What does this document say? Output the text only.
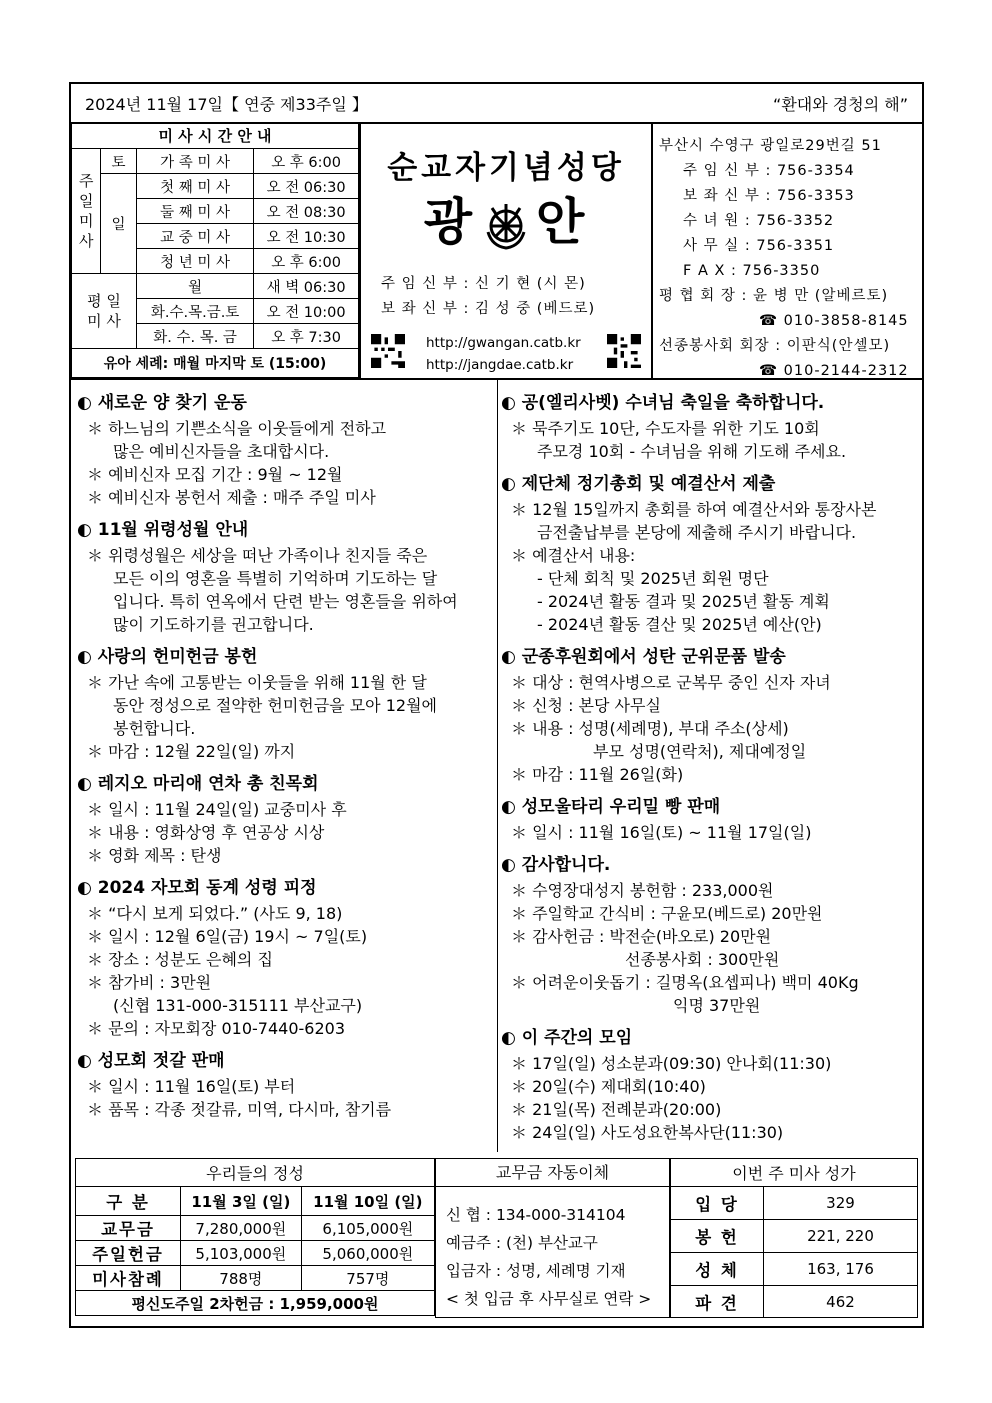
2024년 11월 17일【 연중 제33주일 】	“환대와 경청의 해”
미 사 시 간 안 내			
주 일 미 사	토	가 족 미 사	오 후 6:00
	일	첫 째 미 사	오 전 06:30
		둘 째 미 사	오 전 08:30
		교 중 미 사	오 전 10:30
		청 년 미 사	오 후 6:00
평 일 미 사		월	새 벽 06:30
		화.수.목.금.토	오 전 10:00
		화. 수. 목. 금	오 후 7:30
유아 세례: 매월 마지막 토 (15:00)			
순교자기념성당
광 안
주 임 신 부 : 신 기 현 (시 몬)
보 좌 신 부 : 김 성 중 (베드로)
http://gwangan.catb.kr
http://jangdae.catb.kr
부산시 수영구 광일로29번길 51
주 임 신 부 : 756-3354
보 좌 신 부 : 756-3353
수 녀 원 : 756-3352
사 무 실 : 756-3351
F A X : 756-3350
평 협 회 장 : 윤 병 만 (알베르토)
☎ 010-3858-8145
선종봉사회 회장 : 이판식(안셀모)
☎ 010-2144-2312
◐ 새로운 양 찾기 운동
＊ 하느님의 기쁜소식을 이웃들에게 전하고
많은 예비신자들을 초대합시다.
＊ 예비신자 모집 기간 : 9월 ~ 12월
＊ 예비신자 봉헌서 제출 : 매주 주일 미사
◐ 11월 위령성월 안내
＊ 위령성월은 세상을 떠난 가족이나 친지들 죽은
모든 이의 영혼을 특별히 기억하며 기도하는 달
입니다. 특히 연옥에서 단련 받는 영혼들을 위하여
많이 기도하기를 권고합니다.
◐ 사랑의 헌미헌금 봉헌
＊ 가난 속에 고통받는 이웃들을 위해 11월 한 달
동안 정성으로 절약한 헌미헌금을 모아 12월에
봉헌합니다.
＊ 마감 : 12월 22일(일) 까지
◐ 레지오 마리애 연차 총 친목회
＊ 일시 : 11월 24일(일) 교중미사 후
＊ 내용 : 영화상영 후 연공상 시상
＊ 영화 제목 : 탄생
◐ 2024 자모회 동계 성령 피정
＊ “다시 보게 되었다.” (사도 9, 18)
＊ 일시 : 12월 6일(금) 19시 ~ 7일(토)
＊ 장소 : 성분도 은혜의 집
＊ 참가비 : 3만원
(신협 131-000-315111 부산교구)
＊ 문의 : 자모회장 010-7440-6203
◐ 성모회 젓갈 판매
＊ 일시 : 11월 16일(토) 부터
＊ 품목 : 각종 젓갈류, 미역, 다시마, 참기름
◐ 공(엘리사벳) 수녀님 축일을 축하합니다.
＊ 묵주기도 10단, 수도자를 위한 기도 10회
주모경 10회 - 수녀님을 위해 기도해 주세요.
◐ 제단체 정기총회 및 예결산서 제출
＊ 12월 15일까지 총회를 하여 예결산서와 통장사본
금전출납부를 본당에 제출해 주시기 바랍니다.
＊ 예결산서 내용:
- 단체 회칙 및 2025년 회원 명단
- 2024년 활동 결과 및 2025년 활동 계획
- 2024년 활동 결산 및 2025년 예산(안)
◐ 군종후원회에서 성탄 군위문품 발송
＊ 대상 : 현역사병으로 군복무 중인 신자 자녀
＊ 신청 : 본당 사무실
＊ 내용 : 성명(세례명), 부대 주소(상세)
부모 성명(연락처), 제대예정일
＊ 마감 : 11월 26일(화)
◐ 성모울타리 우리밀 빵 판매
＊ 일시 : 11월 16일(토) ~ 11월 17일(일)
◐ 감사합니다.
＊ 수영장대성지 봉헌함 : 233,000원
＊ 주일학교 간식비 : 구윤모(베드로) 20만원
＊ 감사헌금 : 박전순(바오로) 20만원
선종봉사회 : 300만원
＊ 어려운이웃돕기 : 길명옥(요셉피나) 백미 40Kg
익명 37만원
◐ 이 주간의 모임
＊ 17일(일) 성소분과(09:30) 안나회(11:30)
＊ 20일(수) 제대회(10:40)
＊ 21일(목) 전례분과(20:00)
＊ 24일(일) 사도성요한복사단(11:30)
우리들의 정성		
구 분	11월 3일 (일)	11월 10일 (일)
교무금	7,280,000원	6,105,000원
주일헌금	5,103,000원	5,060,000원
미사참례	788명	757명
평신도주일 2차헌금 : 1,959,000원		
교무금 자동이체
신 협 : 134-000-314104
예금주 : (천) 부산교구
입금자 : 성명, 세례명 기재
< 첫 입금 후 사무실로 연락 >
이번 주 미사 성가	
입 당	329
봉 헌	221, 220
성 체	163, 176
파 견	462
